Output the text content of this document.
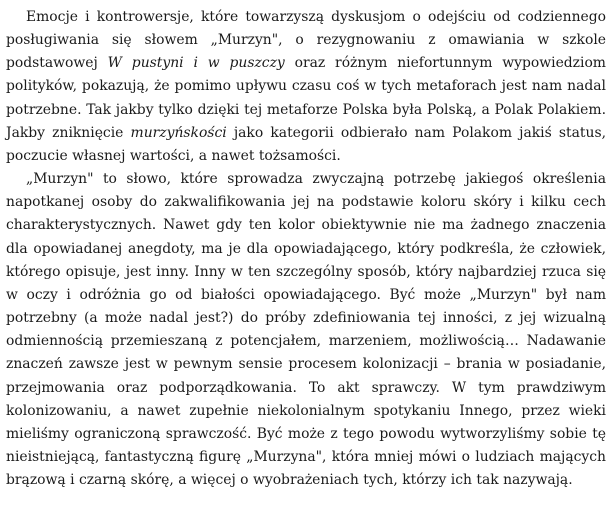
Emocje i kontrowersje, które towarzyszą dyskusjom o odejściu od codziennego posługiwania się słowem „Murzyn", o rezygnowaniu z omawiania w szkole podstawowej W pustyni i w puszczy oraz różnym niefortunnym wypowiedziom polityków, pokazują, że pomimo upływu czasu coś w tych metaforach jest nam nadal potrzebne. Tak jakby tylko dzięki tej metaforze Polska była Polską, a Polak Polakiem. Jakby zniknięcie murzyńskości jako kategorii odbierało nam Polakom jakiś status, poczucie własnej wartości, a nawet tożsamości.

„Murzyn" to słowo, które sprowadza zwyczajną potrzebę jakiegoś określenia napotkanej osoby do zakwalifikowania jej na podstawie koloru skóry i kilku cech charakterystycznych. Nawet gdy ten kolor obiektywnie nie ma żadnego znaczenia dla opowiadanej anegdoty, ma je dla opowiadającego, który podkreśla, że człowiek, którego opisuje, jest inny. Inny w ten szczególny sposób, który najbardziej rzuca się w oczy i odróżnia go od białości opowiadającego. Być może „Murzyn" był nam potrzebny (a może nadal jest?) do próby zdefiniowania tej inności, z jej wizualną odmiennością przemieszaną z potencjałem, marzeniem, możliwością… Nadawanie znaczeń zawsze jest w pewnym sensie procesem kolonizacji – brania w posiadanie, przejmowania oraz podporządkowania. To akt sprawczy. W tym prawdziwym kolonizowaniu, a nawet zupełnie niekolonialnym spotykaniu Innego, przez wieki mieliśmy ograniczoną sprawczość. Być może z tego powodu wytworzyliśmy sobie tę nieistniejącą, fantastyczną figurę „Murzyna", która mniej mówi o ludziach mających brązową i czarną skórę, a więcej o wyobrażeniach tych, którzy ich tak nazywają.
